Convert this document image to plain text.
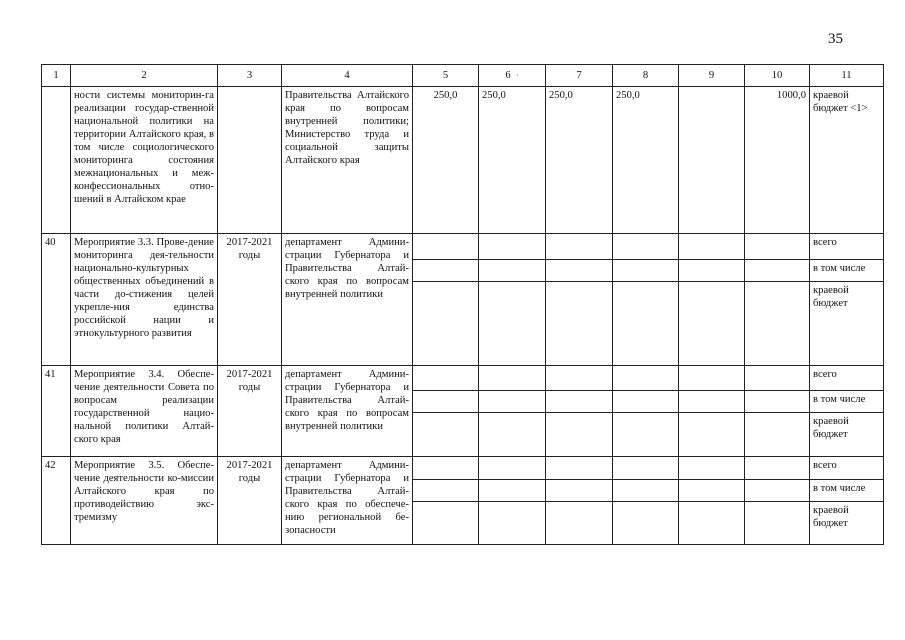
35
1	2	3	4	5	6 ·	7	8	9	10	11
	ности системы мониторин-га реализации государ-ственной национальной политики на территории Алтайского края, в том числе социологического мониторинга состояния межнациональных и меж-конфессиональных отно-шений в Алтайском крае		Правительства Алтайского края по вопросам внутренней политики; Министерство труда и социальной защиты Алтайского края	250,0	250,0	250,0	250,0		1000,0	краевой бюджет <1>
40	Мероприятие 3.3. Прове-дение мониторинга дея-тельности национально-культурных общественных объединений в части до-стижения целей укрепле-ния единства российской нации и этнокультурного развития	2017-2021 годы	департамент Админи-страции Губернатора и Правительства Алтай-ского края по вопросам внутренней политики							всего
										в том числе
										краевой бюджет
41	Мероприятие 3.4. Обеспе-чение деятельности Совета по вопросам реализации государственной нацио-нальной политики Алтай-ского края	2017-2021 годы	департамент Админи-страции Губернатора и Правительства Алтай-ского края по вопросам внутренней политики							всего
										в том числе
										краевой бюджет
42	Мероприятие 3.5. Обеспе-чение деятельности ко-миссии Алтайского края по противодействию экс-тремизму	2017-2021 годы	департамент Админи-страции Губернатора и Правительства Алтай-ского края по обеспече-нию региональной бе-зопасности							всего
										в том числе
										краевой бюджет
